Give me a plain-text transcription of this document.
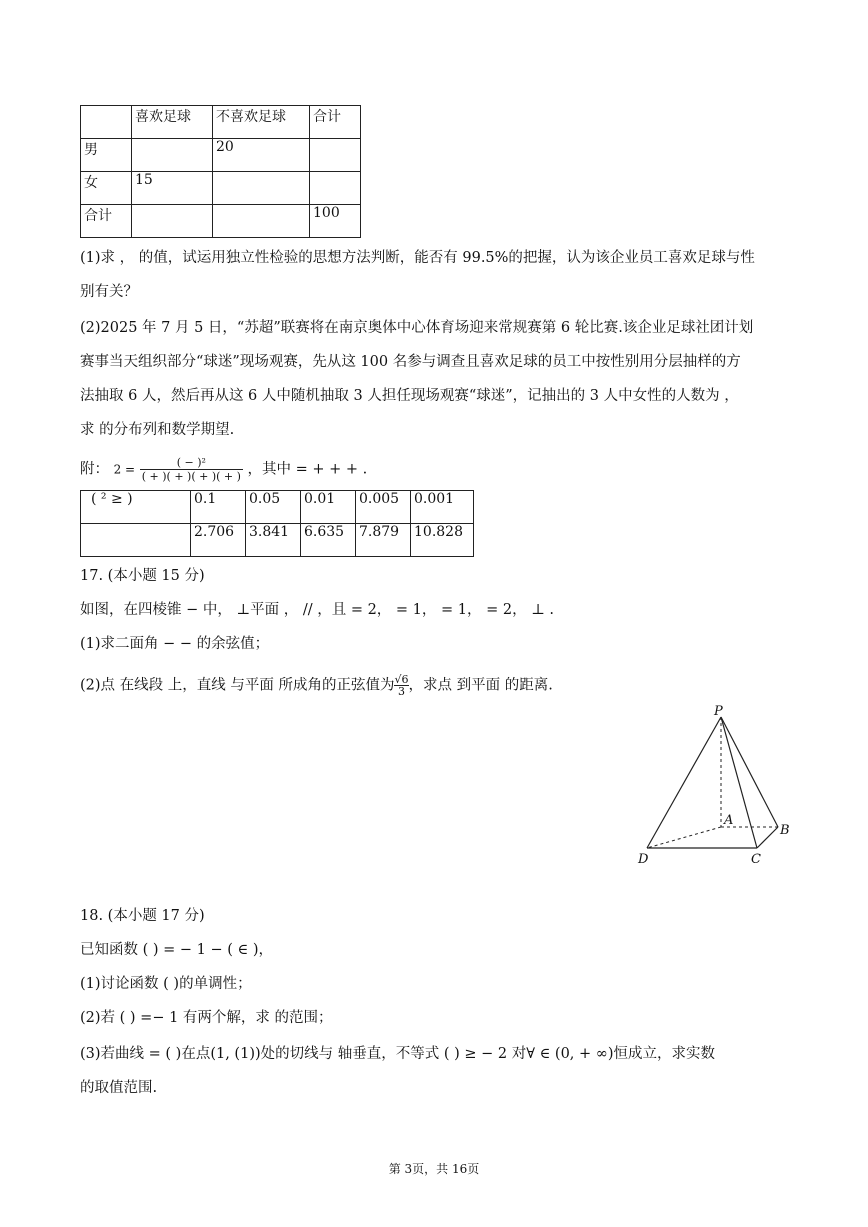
	喜欢足球	不喜欢足球	合计
男		20	
女	15		
合计			100
(1)求 ， 的值，试运用独立性检验的思想方法判断，能否有 99.5%的把握，认为该企业员工喜欢足球与性
别有关？
(2)2025 年 7 月 5 日，“苏超”联赛将在南京奥体中心体育场迎来常规赛第 6 轮比赛.该企业足球社团计划
赛事当天组织部分“球迷”现场观赛，先从这 100 名参与调查且喜欢足球的员工中按性别用分层抽样的方
法抽取 6 人，然后再从这 6 人中随机抽取 3 人担任现场观赛“球迷”，记抽出的 3 人中女性的人数为 ，
求 的分布列和数学期望.
附： $2 = \frac{\text{( − )²}}{( + )( + )( + )( + )}$ ，其中 = + + + .
( ² ≥ )	0.1	0.05	0.01	0.005	0.001
	2.706	3.841	6.635	7.879	10.828
17. (本小题 15 分)
如图，在四棱锥 − 中， ⊥平面 ， // ，且 = 2， = 1， = 1， = 2， ⊥ .
(1)求二面角 − − 的余弦值；
(2)点 在线段 上，直线 与平面 所成角的正弦值为 $\frac{√6}{3}$，求点 到平面 的距离.
P
A
B
C
D
18. (本小题 17 分)
已知函数 ( ) = − 1 − ( ∈ )，
(1)讨论函数 ( )的单调性；
(2)若 ( ) =− 1 有两个解，求 的范围；
(3)若曲线 = ( )在点(1, (1))处的切线与 轴垂直，不等式 ( ) ≥ − 2 对∀ ∈ (0, + ∞)恒成立，求实数
的取值范围.
第 3页，共 16页
